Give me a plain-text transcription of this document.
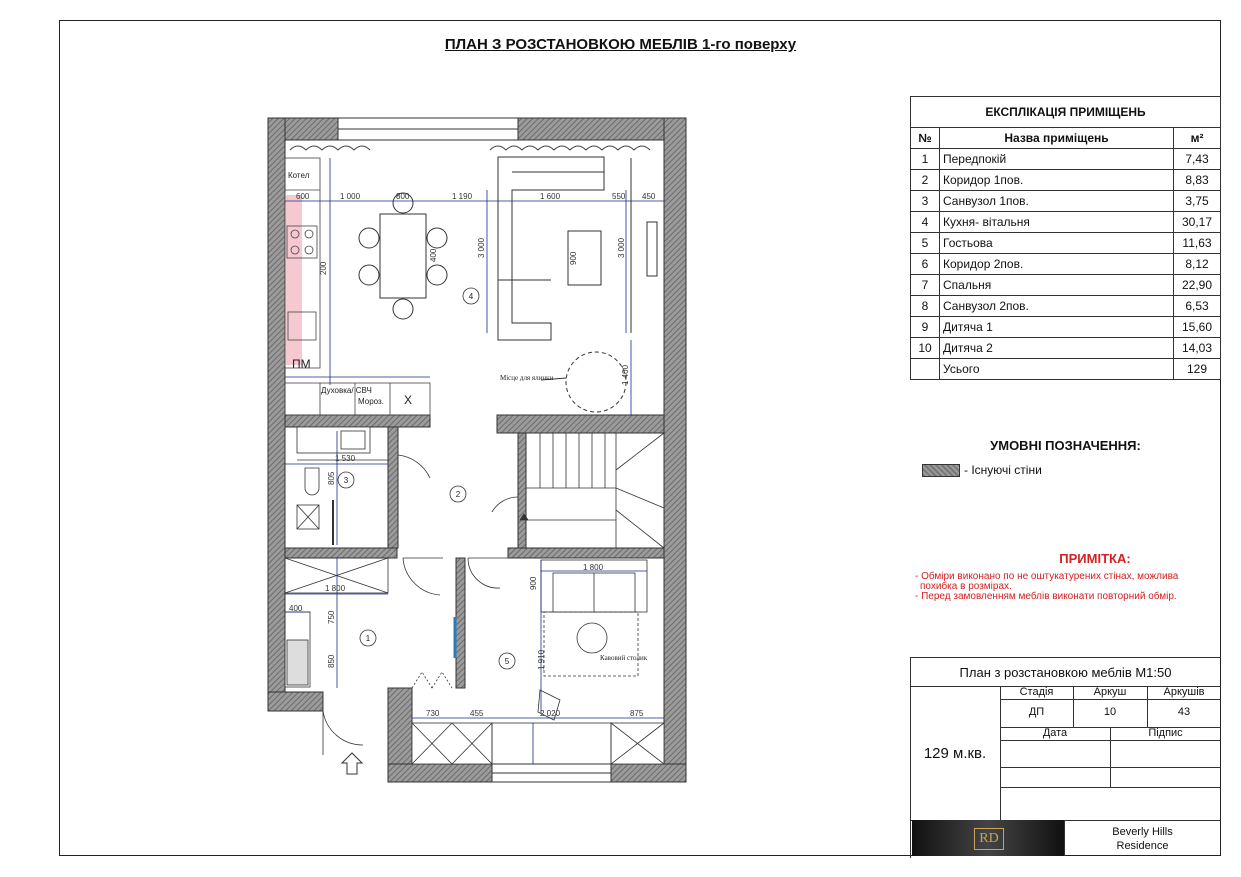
ПЛАН З РОЗСТАНОВКОЮ МЕБЛІВ 1-го поверху
1
2
3
4
5
Котел
ПМ
Духовка/ СВЧ
Мороз. Х
Місце для ялинки
Кавовий столик
600	1 000	800	1 190	1 600	550 450
3 000	3 000
900
400
200
1 400
1 530
805
1 800
750
850
400
1 800
900
1 910
730	455	2 020	875
ЕКСПЛІКАЦІЯ ПРИМІЩЕНЬ		
№	Назва приміщень	м²
1	Передпокій	7,43
2	Коридор 1пов.	8,83
3	Санвузол 1пов.	3,75
4	Кухня- вітальня	30,17
5	Гостьова	11,63
6	Коридор 2пов.	8,12
7	Спальня	22,90
8	Санвузол 2пов.	6,53
9	Дитяча 1	15,60
10	Дитяча 2	14,03
	Усього	129
УМОВНІ ПОЗНАЧЕННЯ:
- Існуючі стіни
ПРИМІТКА:
- Обміри виконано по не оштукатурених стінах, можлива
похибка в розмірах.
- Перед замовленням меблів виконати повторний обмір.
План з розстановкою меблів М1:50
Стадія	Аркуш	Аркушів
ДП	10	43
Дата	Підпис
129 м.кв.
RD	Beverly Hills
Residence
